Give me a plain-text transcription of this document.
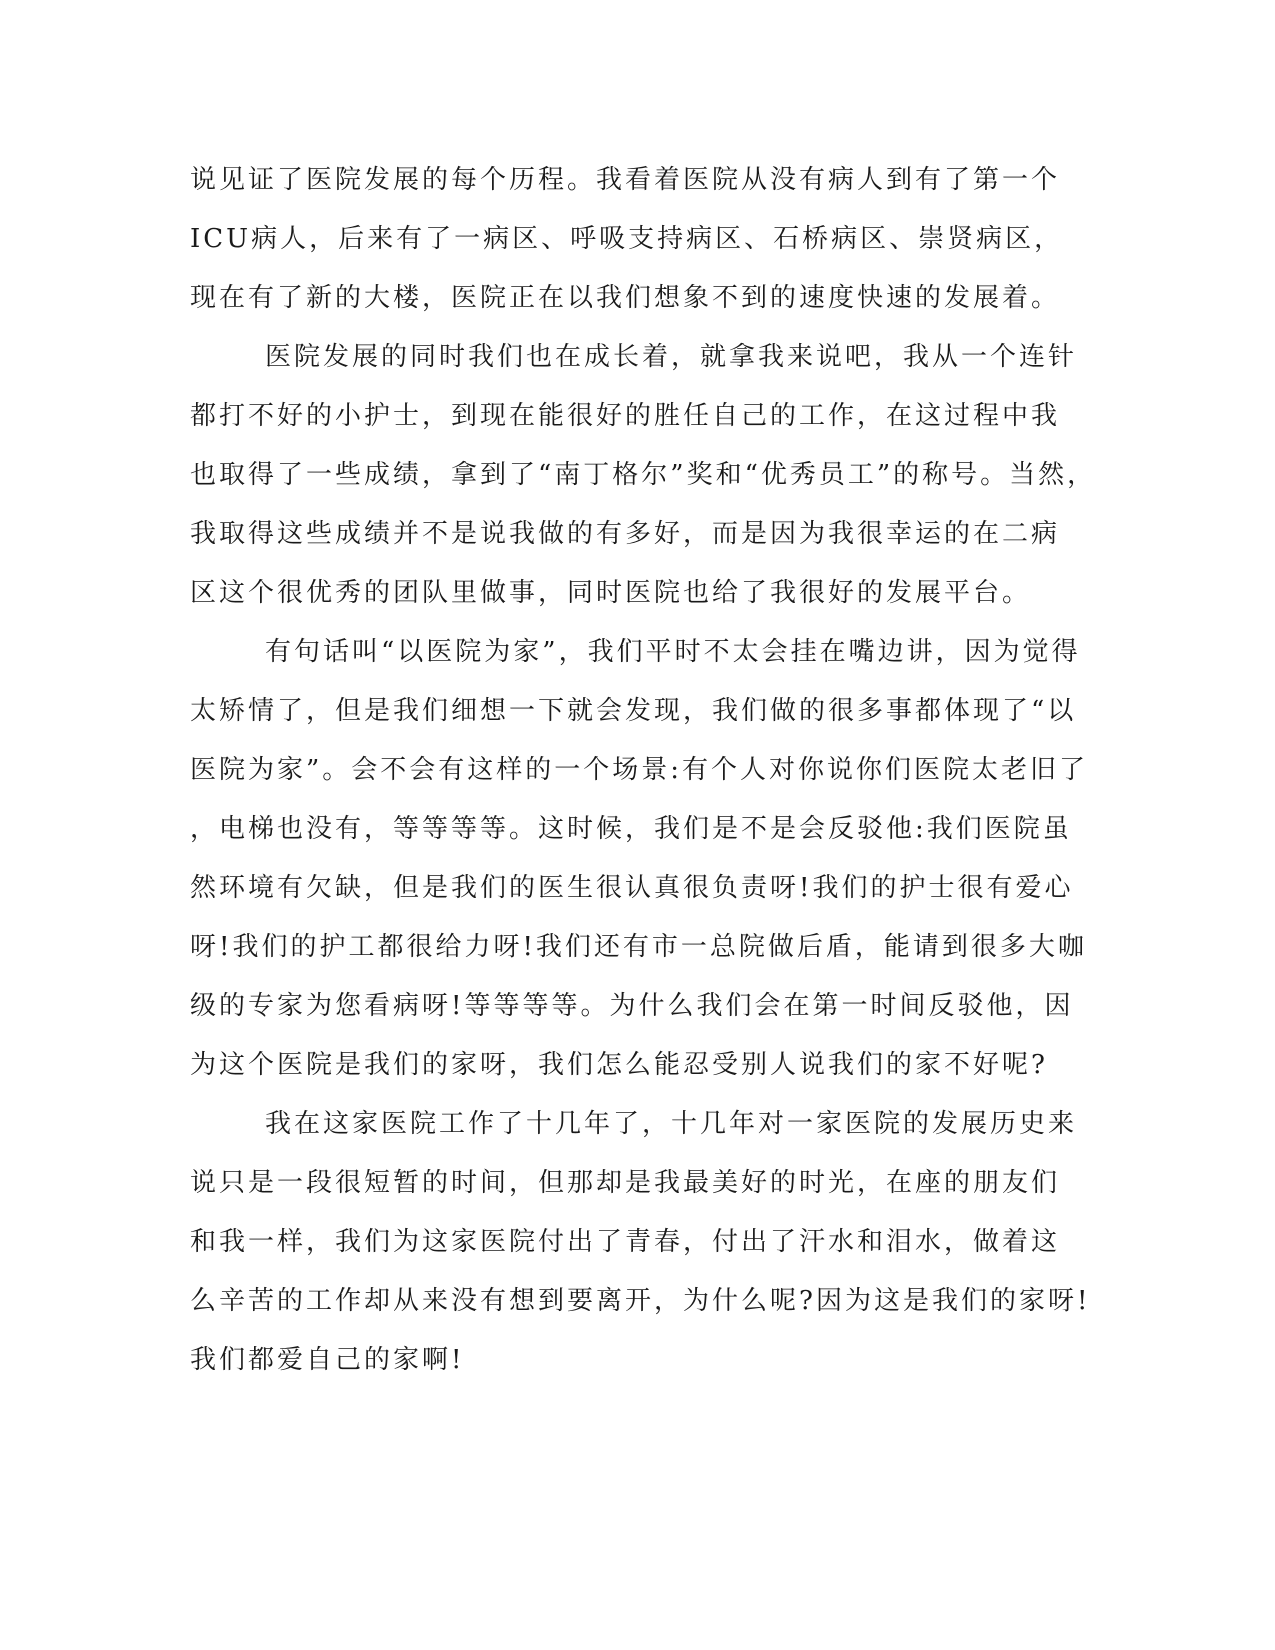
说见证了医院发展的每个历程。我看着医院从没有病人到有了第一个
ICU病人，后来有了一病区、呼吸支持病区、石桥病区、崇贤病区，
现在有了新的大楼，医院正在以我们想象不到的速度快速的发展着。
医院发展的同时我们也在成长着，就拿我来说吧，我从一个连针
都打不好的小护士，到现在能很好的胜任自己的工作，在这过程中我
也取得了一些成绩，拿到了“南丁格尔”奖和“优秀员工”的称号。当然，
我取得这些成绩并不是说我做的有多好，而是因为我很幸运的在二病
区这个很优秀的团队里做事，同时医院也给了我很好的发展平台。
有句话叫“以医院为家”，我们平时不太会挂在嘴边讲，因为觉得
太矫情了，但是我们细想一下就会发现，我们做的很多事都体现了“以
医院为家”。会不会有这样的一个场景:有个人对你说你们医院太老旧了
，电梯也没有，等等等等。这时候，我们是不是会反驳他:我们医院虽
然环境有欠缺，但是我们的医生很认真很负责呀!我们的护士很有爱心
呀!我们的护工都很给力呀!我们还有市一总院做后盾，能请到很多大咖
级的专家为您看病呀!等等等等。为什么我们会在第一时间反驳他，因
为这个医院是我们的家呀，我们怎么能忍受别人说我们的家不好呢?
我在这家医院工作了十几年了，十几年对一家医院的发展历史来
说只是一段很短暂的时间，但那却是我最美好的时光，在座的朋友们
和我一样，我们为这家医院付出了青春，付出了汗水和泪水，做着这
么辛苦的工作却从来没有想到要离开，为什么呢?因为这是我们的家呀!
我们都爱自己的家啊!
